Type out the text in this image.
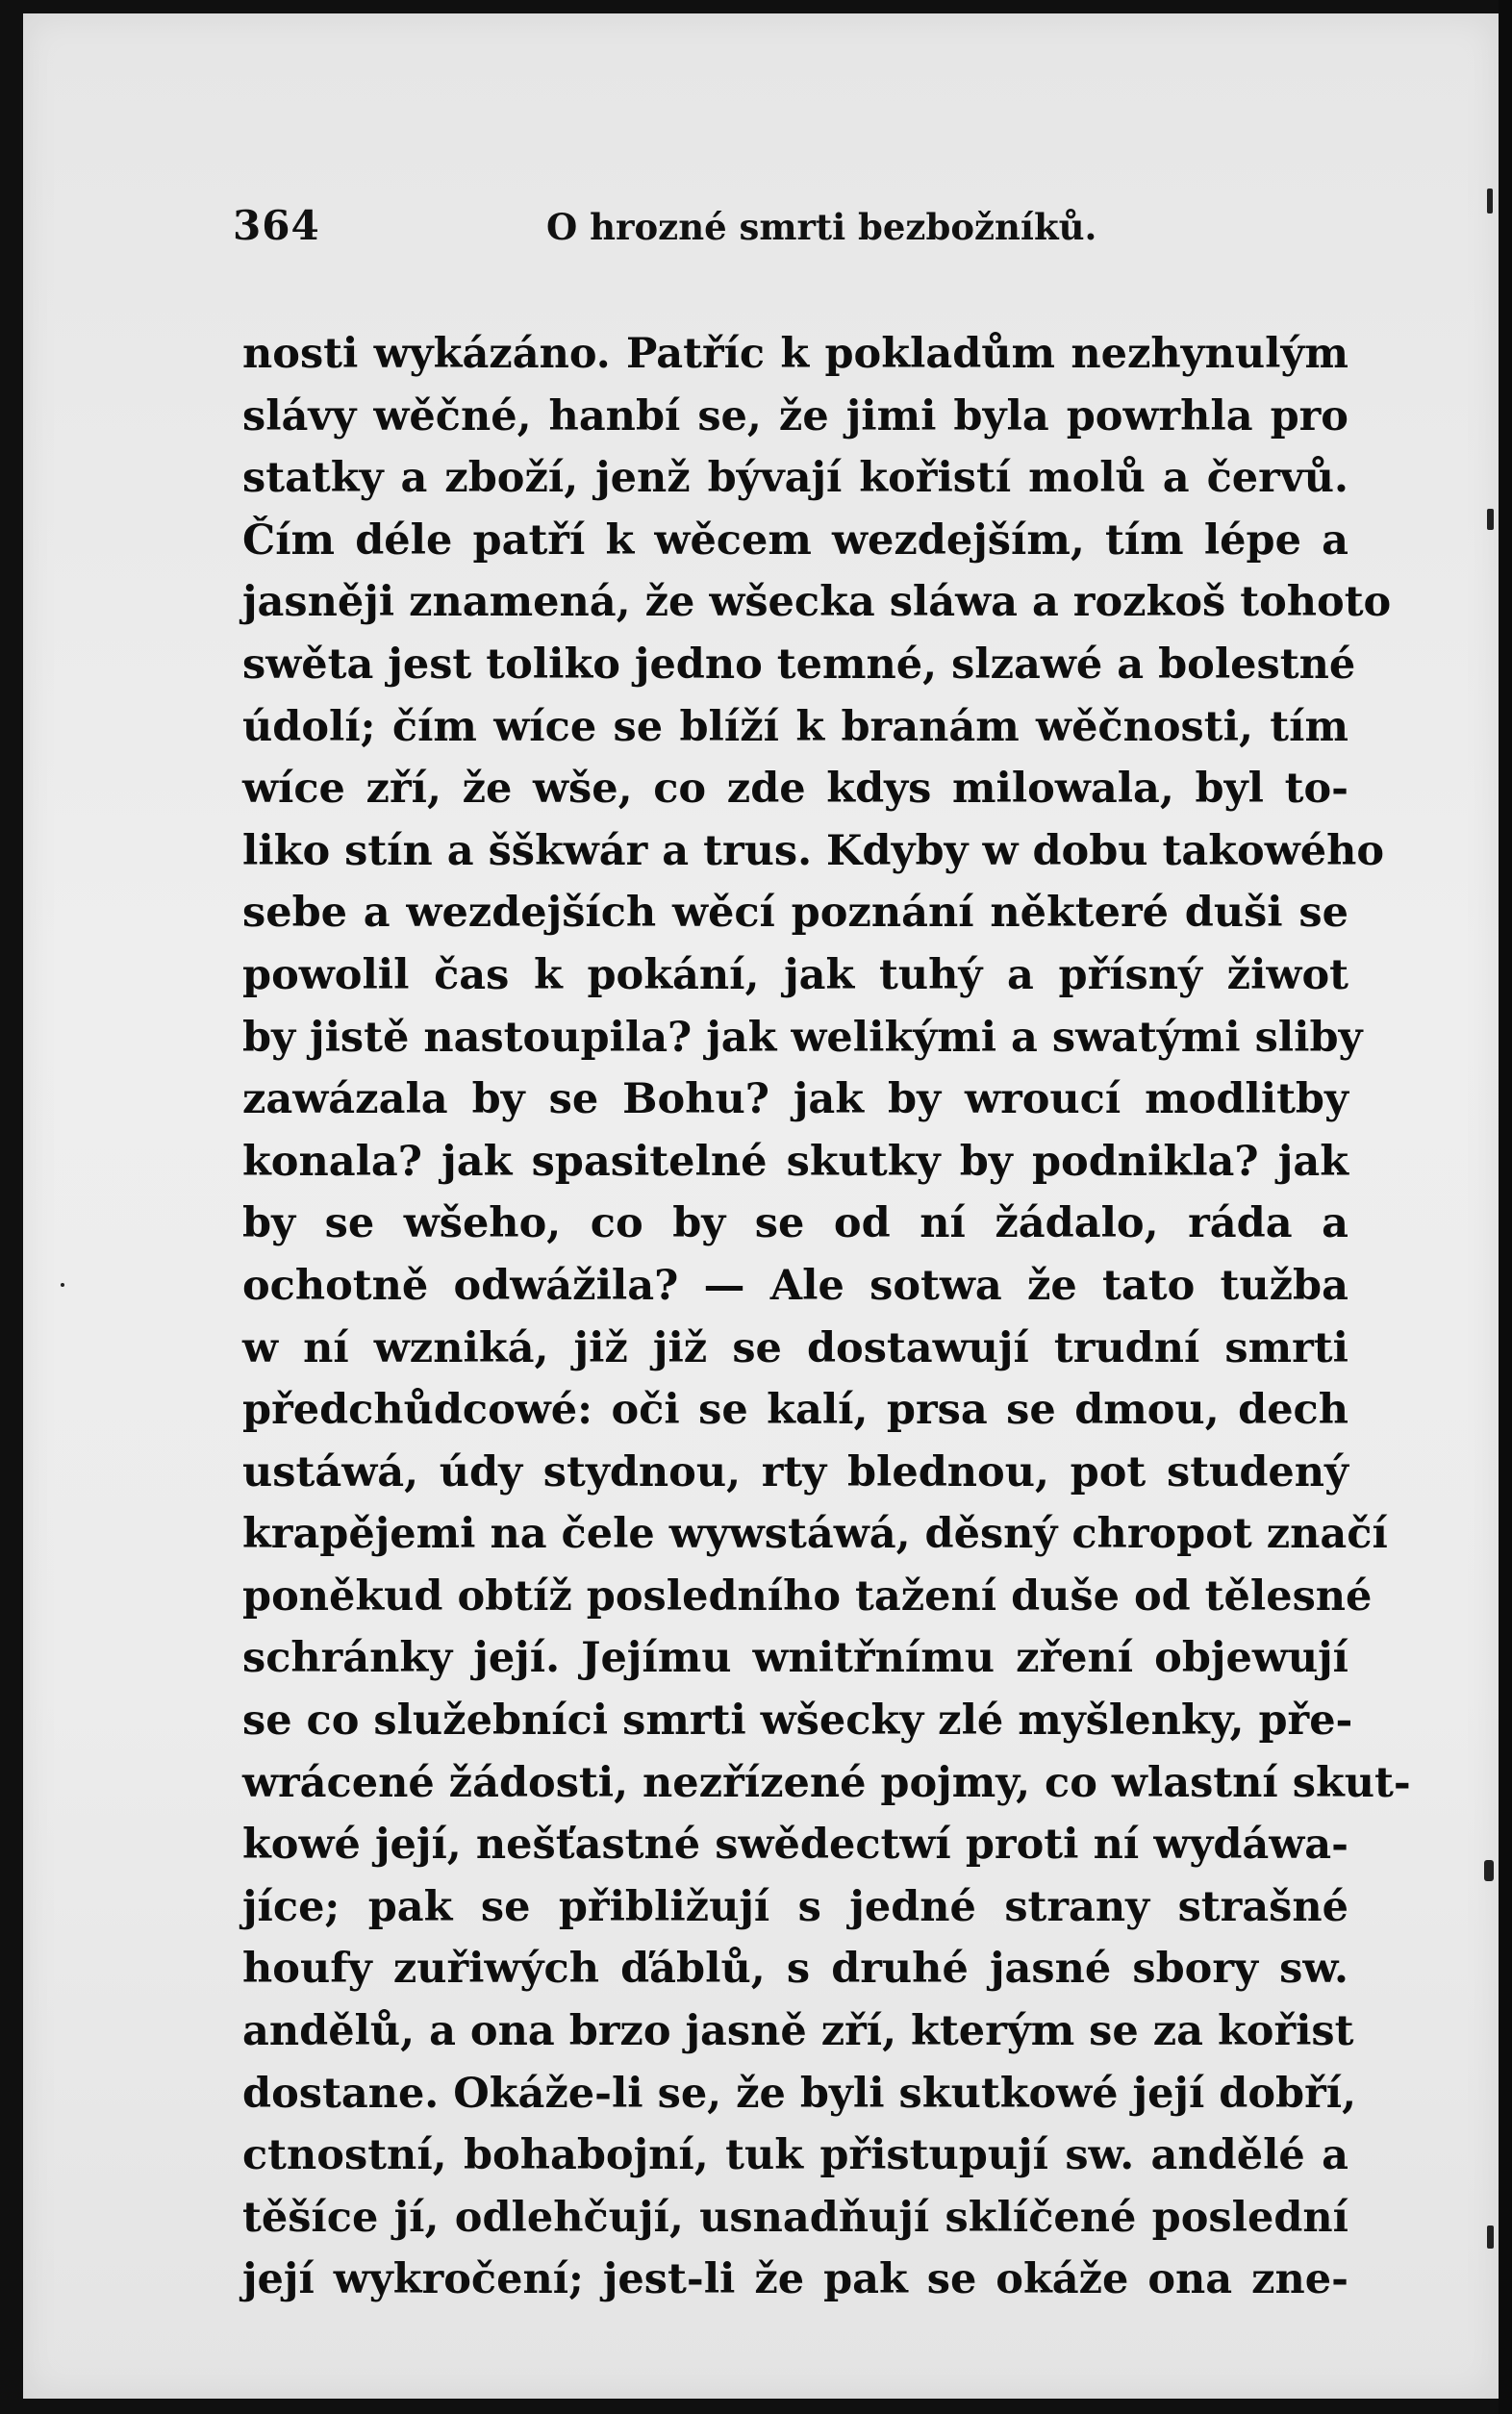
364	O hrozné smrti bezbožníků.
nosti wykázáno. Patříc k pokladům nezhynulým
slávy wěčné, hanbí se, že jimi byla powrhla pro
statky a zboží, jenž bývají kořistí molů a červů.
Čím déle patří k wěcem wezdejším, tím lépe a
jasněji znamená, že wšecka sláwa a rozkoš tohoto
swěta jest toliko jedno temné, slzawé a bolestné
údolí; čím wíce se blíží k branám wěčnosti, tím
wíce zří, že wše, co zde kdys milowala, byl to-
liko stín a šškwár a trus. Kdyby w dobu takowého
sebe a wezdejších wěcí poznání některé duši se
powolil čas k pokání, jak tuhý a přísný žiwot
by jistě nastoupila? jak welikými a swatými sliby
zawázala by se Bohu? jak by wroucí modlitby
konala? jak spasitelné skutky by podnikla? jak
by se wšeho, co by se od ní žádalo, ráda a
ochotně odwážila? — Ale sotwa že tato tužba
w ní wzniká, již již se dostawují trudní smrti
předchůdcowé: oči se kalí, prsa se dmou, dech
ustáwá, údy stydnou, rty blednou, pot studený
krapějemi na čele wywstáwá, děsný chropot značí
poněkud obtíž posledního tažení duše od tělesné
schránky její. Jejímu wnitřnímu zření objewují
se co služebníci smrti wšecky zlé myšlenky, pře-
wrácené žádosti, nezřízené pojmy, co wlastní skut-
kowé její, nešťastné swědectwí proti ní wydáwa-
jíce; pak se přibližují s jedné strany strašné
houfy zuřiwých ďáblů, s druhé jasné sbory sw.
andělů, a ona brzo jasně zří, kterým se za kořist
dostane. Okáže-li se, že byli skutkowé její dobří,
ctnostní, bohabojní, tuk přistupují sw. andělé a
těšíce jí, odlehčují, usnadňují sklíčené poslední
její wykročení; jest-li že pak se okáže ona zne-
